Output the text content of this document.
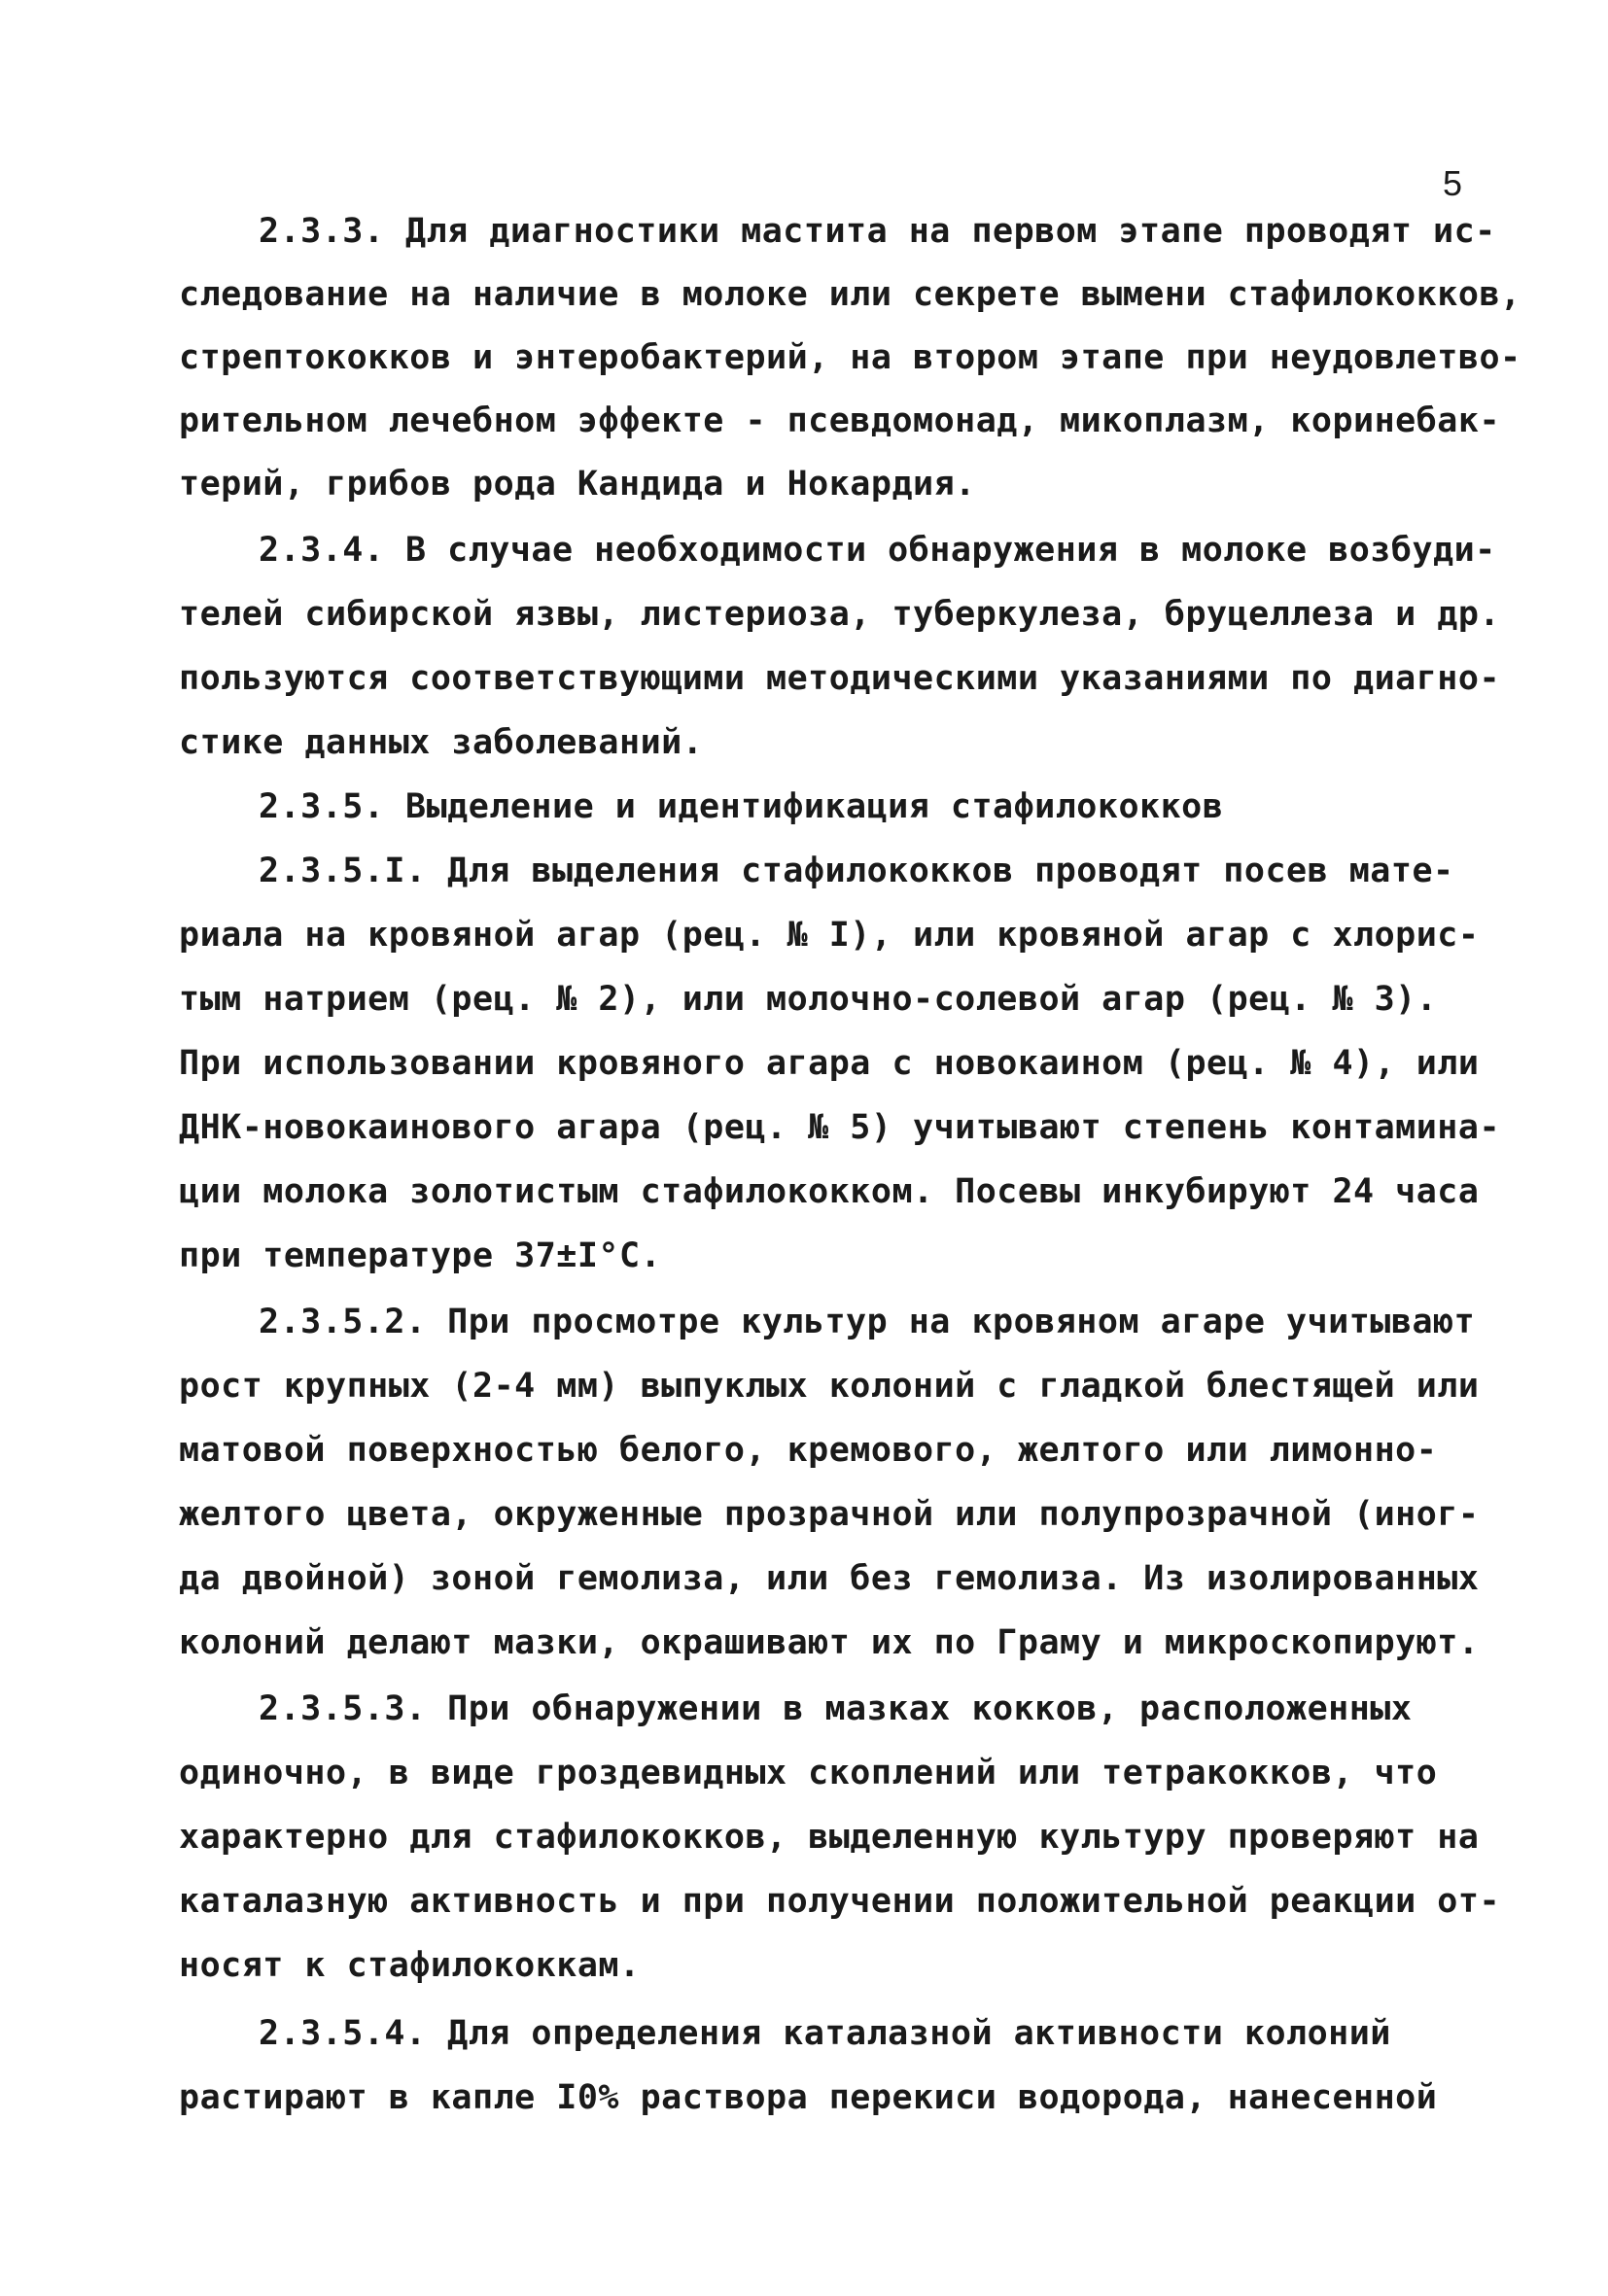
5
2.3.3. Для диагностики мастита на первом этапе проводят ис-
следование на наличие в молоке или секрете вымени стафилококков,
стрептококков и энтеробактерий, на втором этапе при неудовлетво-
рительном лечебном эффекте - псевдомонад, микоплазм, коринебак-
терий, грибов рода Кандида и Нокардия.
2.3.4. В случае необходимости обнаружения в молоке возбуди-
телей сибирской язвы, листериоза, туберкулеза, бруцеллеза и др.
пользуются соответствующими методическими указаниями по диагно-
стике данных заболеваний.
2.3.5. Выделение и идентификация стафилококков
2.3.5.I. Для выделения стафилококков проводят посев мате-
риала на кровяной агар (рец. № I), или кровяной агар с хлорис-
тым натрием (рец. № 2), или молочно-солевой агар (рец. № 3).
При использовании кровяного агара с новокаином (рец. № 4), или
ДНК-новокаинового агара (рец. № 5) учитывают степень контамина-
ции молока золотистым стафилококком. Посевы инкубируют 24 часа
при температуре 37±I°C.
2.3.5.2. При просмотре культур на кровяном агаре учитывают
рост крупных (2-4 мм) выпуклых колоний с гладкой блестящей или
матовой поверхностью белого, кремового, желтого или лимонно-
желтого цвета, окруженные прозрачной или полупрозрачной (иног-
да двойной) зоной гемолиза, или без гемолиза. Из изолированных
колоний делают мазки, окрашивают их по Граму и микроскопируют.
2.3.5.3. При обнаружении в мазках кокков, расположенных
одиночно, в виде гроздевидных скоплений или тетракокков, что
характерно для стафилококков, выделенную культуру проверяют на
каталазную активность и при получении положительной реакции от-
носят к стафилококкам.
2.3.5.4. Для определения каталазной активности колоний
растирают в капле I0% раствора перекиси водорода, нанесенной
